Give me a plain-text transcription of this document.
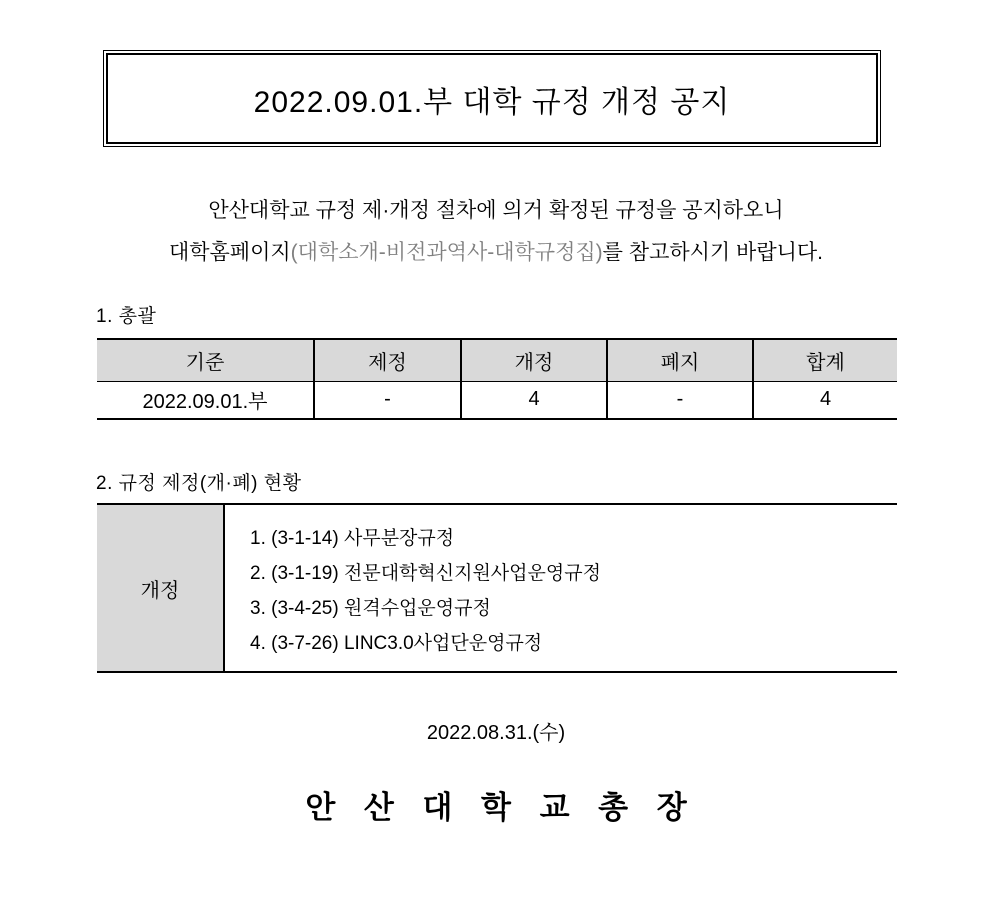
2022.09.01.부 대학 규정 개정 공지
안산대학교 규정 제·개정 절차에 의거 확정된 규정을 공지하오니
대학홈페이지(대학소개-비전과역사-대학규정집)를 참고하시기 바랍니다.
1. 총괄
기준	제정	개정	폐지	합계
2022.09.01.부	-	4	-	4
2. 규정 제정(개·폐) 현황
개정
1. (3-1-14) 사무분장규정
2. (3-1-19) 전문대학혁신지원사업운영규정
3. (3-4-25) 원격수업운영규정
4. (3-7-26) LINC3.0사업단운영규정
2022.08.31.(수)
안 산 대 학 교 총 장
